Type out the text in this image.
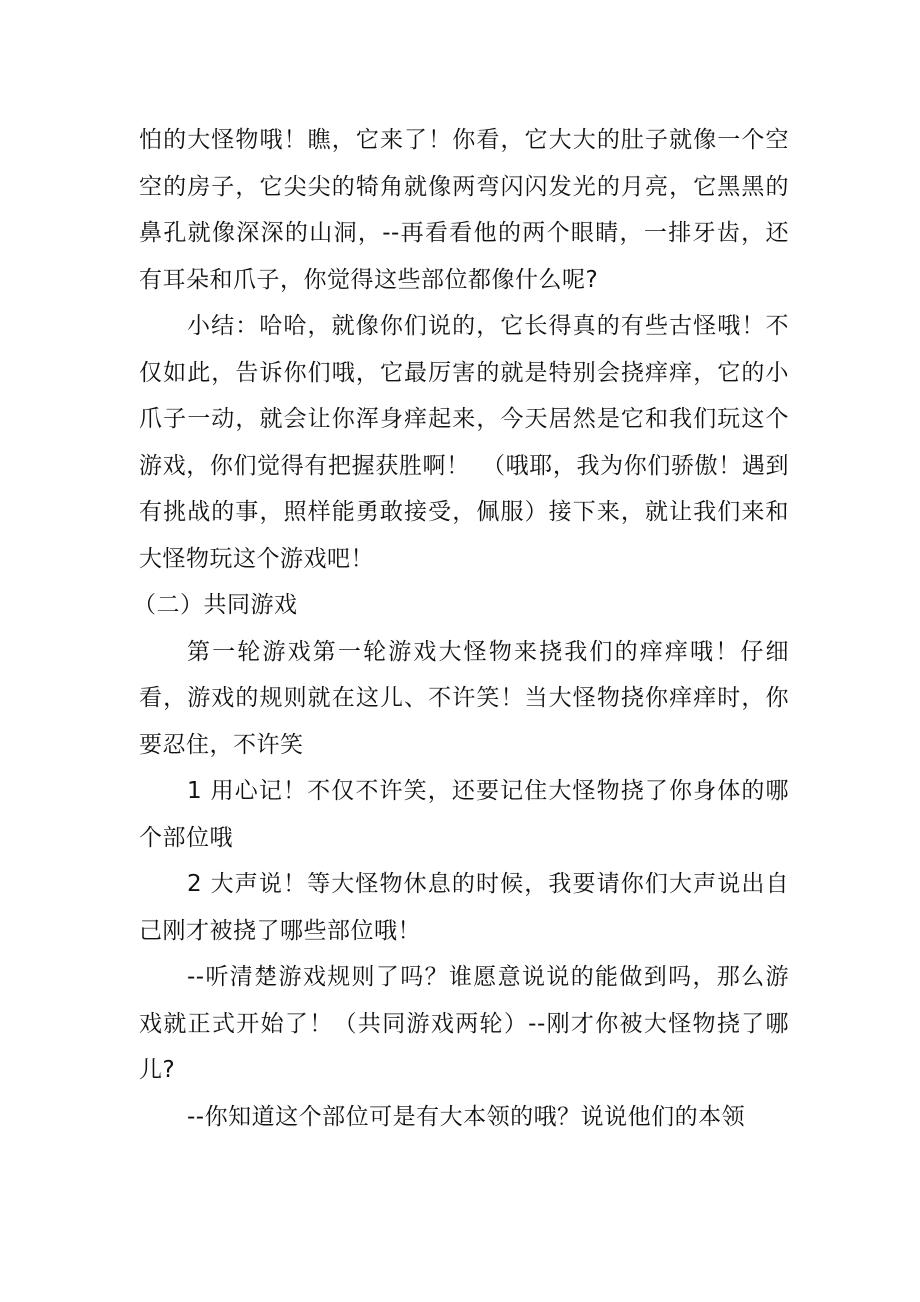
怕的大怪物哦！瞧，它来了！你看，它大大的肚子就像一个空空的房子，它尖尖的犄角就像两弯闪闪发光的月亮，它黑黑的鼻孔就像深深的山洞，--再看看他的两个眼睛，一排牙齿，还有耳朵和爪子，你觉得这些部位都像什么呢?

小结：哈哈，就像你们说的，它长得真的有些古怪哦！不仅如此，告诉你们哦，它最厉害的就是特别会挠痒痒，它的小爪子一动，就会让你浑身痒起来，今天居然是它和我们玩这个游戏，你们觉得有把握获胜啊！　（哦耶，我为你们骄傲！遇到有挑战的事，照样能勇敢接受，佩服）接下来，就让我们来和大怪物玩这个游戏吧！

（二）共同游戏

第一轮游戏第一轮游戏大怪物来挠我们的痒痒哦！仔细看，游戏的规则就在这儿、不许笑！当大怪物挠你痒痒时，你要忍住，不许笑

1 用心记！不仅不许笑，还要记住大怪物挠了你身体的哪个部位哦

2 大声说！等大怪物休息的时候，我要请你们大声说出自己刚才被挠了哪些部位哦！

--听清楚游戏规则了吗？谁愿意说说的能做到吗，那么游戏就正式开始了！（共同游戏两轮）--刚才你被大怪物挠了哪儿?

--你知道这个部位可是有大本领的哦？说说他们的本领
